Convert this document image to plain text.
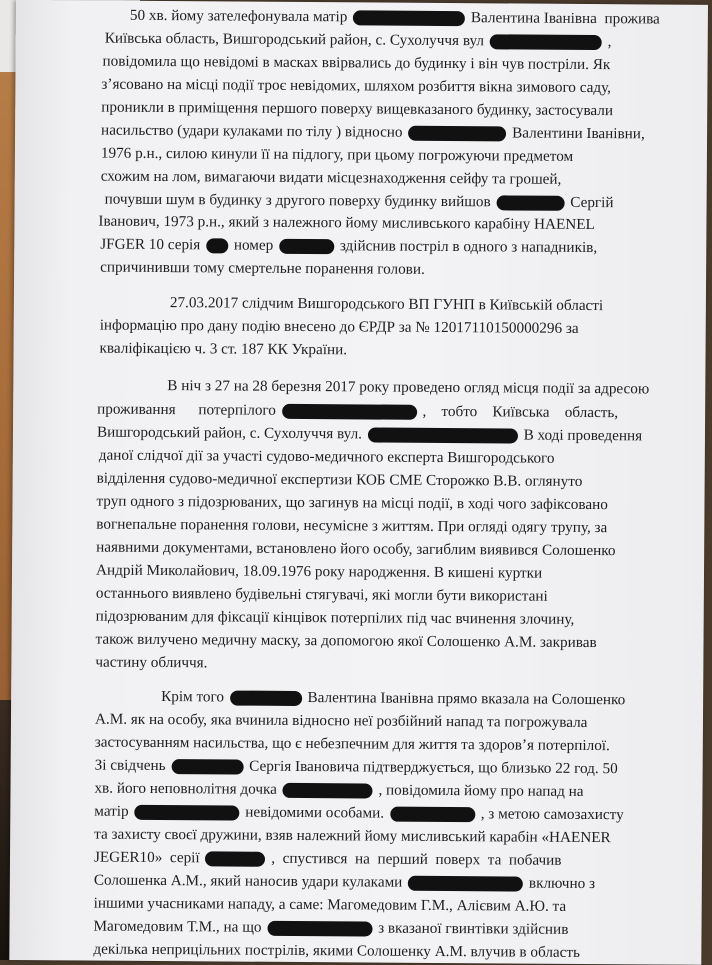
50 хв. йому зателефонувала матір	Валентина Іванівна  прожива
Київська область, Вишгородський район, с. Сухолуччя вул	,
повідомила що невідомі в масках ввірвались до будинку і він чув постріли. Як
з’ясовано на місці події троє невідомих, шляхом розбиття вікна зимового саду,
проникли в приміщення першого поверху вищевказаного будинку, застосували
насильство (удари кулаками по тілу ) відносно	Валентини Іванівни,
1976 р.н., силою кинули її на підлогу, при цьому погрожуючи предметом
схожим на лом, вимагаючи видати місцезнаходження сейфу та грошей,
почувши шум в будинку з другого поверху будинку вийшов	Сергій
Іванович, 1973 р.н., який з належного йому мисливського карабіну HAENEL
JFGER 10 серія  номер	здійснив постріл в одного з нападників,
спричинивши тому смертельне поранення голови.
27.03.2017 слідчим Вишгородського ВП ГУНП в Київській області
інформацію про дану подію внесено до ЄРДР за № 12017110150000296 за
кваліфікацією ч. 3 ст. 187 КК України.
В ніч з 27 на 28 березня 2017 року проведено огляд місця події за адресою
проживання      потерпілого	,    тобто    Київська    область,
Вишгородський район, с. Сухолуччя вул.	В ході проведення
даної слідчої дії за участі судово-медичного експерта Вишгородського
відділення судово-медичної експертизи КОБ СМЕ Сторожко В.В. оглянуто
труп одного з підозрюваних, що загинув на місці події, в ході чого зафіксовано
вогнепальне поранення голови, несумісне з життям. При огляді одягу трупу, за
наявними документами, встановлено його особу, загиблим виявився Солошенко
Андрій Миколайович, 18.09.1976 року народження. В кишені куртки
останнього виявлено будівельні стягувачі, які могли бути використані
підозрюваним для фіксації кінцівок потерпілих під час вчинення злочину,
також вилучено медичну маску, за допомогою якої Солошенко А.М. закривав
частину обличчя.
Крім того	Валентина Іванівна прямо вказала на Солошенко
А.М. як на особу, яка вчинила відносно неї розбійний напад та погрожувала
застосуванням насильства, що є небезпечним для життя та здоров’я потерпілої.
Зі свідчень	Сергія Івановича підтверджується, що близько 22 год. 50
хв. його неповнолітня дочка	, повідомила йому про напад на
матір	невідомими особами.	, з метою самозахисту
та захисту своєї дружини, взяв належний йому мисливський карабін «HAENER
JEGER10»  серії	,  спустився  на  перший  поверх  та  побачив
Солошенка А.М., який наносив удари кулаками	включно з
іншими учасниками нападу, а саме: Магомедовим Г.М., Алієвим А.Ю. та
Магомедовим Т.М., на що	з вказаної гвинтівки здійснив
декілька неприцільних пострілів, якими Солошенку А.М. влучив в область
